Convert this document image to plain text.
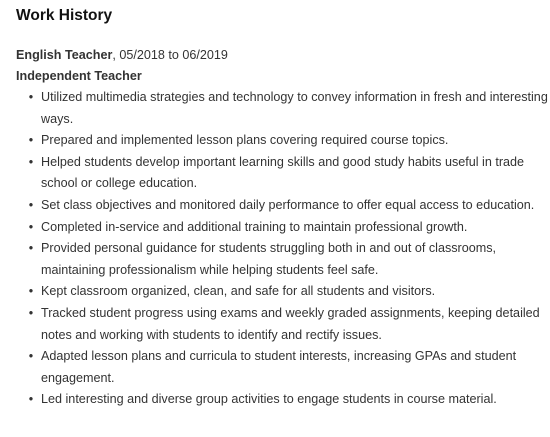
Work History
English Teacher, 05/2018 to 06/2019
Independent Teacher
• Utilized multimedia strategies and technology to convey information in fresh and interesting ways.
• Prepared and implemented lesson plans covering required course topics.
• Helped students develop important learning skills and good study habits useful in trade school or college education.
• Set class objectives and monitored daily performance to offer equal access to education.
• Completed in-service and additional training to maintain professional growth.
• Provided personal guidance for students struggling both in and out of classrooms, maintaining professionalism while helping students feel safe.
• Kept classroom organized, clean, and safe for all students and visitors.
• Tracked student progress using exams and weekly graded assignments, keeping detailed notes and working with students to identify and rectify issues.
• Adapted lesson plans and curricula to student interests, increasing GPAs and student engagement.
• Led interesting and diverse group activities to engage students in course material.
